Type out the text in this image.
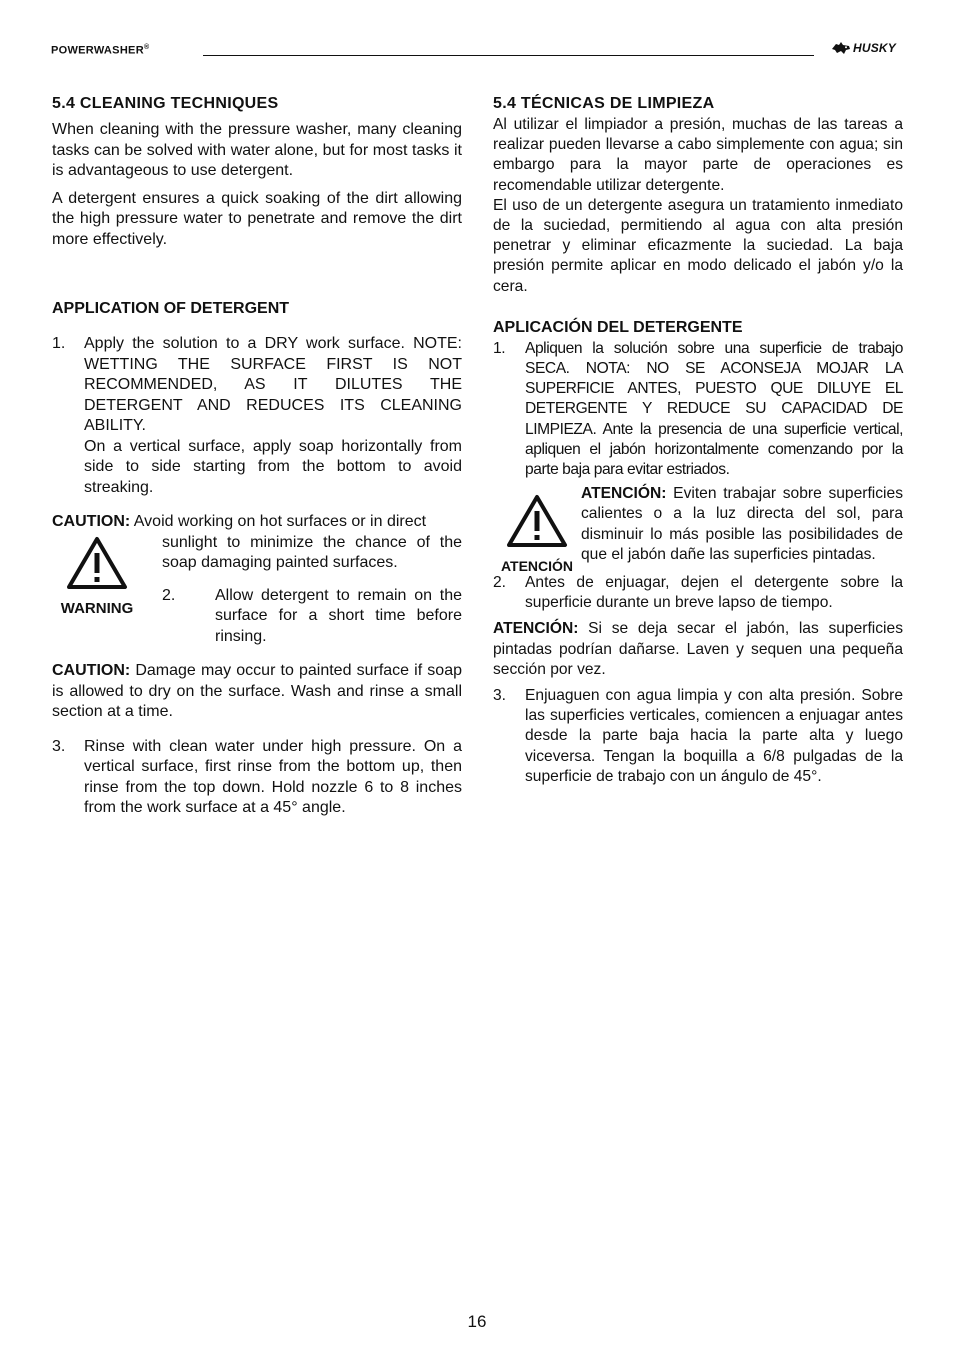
POWERWASHER®	HUSKY
5.4 CLEANING TECHNIQUES

When cleaning with the pressure washer, many cleaning tasks can be solved with water alone, but for most tasks it is advantageous to use detergent.

A detergent ensures a quick soaking of the dirt allowing the high pressure water to penetrate and remove the dirt more effectively.

APPLICATION OF DETERGENT
1.	Apply the solution to a DRY work surface. NOTE: WETTING THE SURFACE FIRST IS NOT RECOMMENDED, AS IT DILUTES THE DETERGENT AND REDUCES ITS CLEANING ABILITY.

On a vertical surface, apply soap horizontally from side to side starting from the bottom to avoid streaking.

CAUTION: Avoid working on hot surfaces or in direct

WARNING

sunlight to minimize the chance of the soap damaging painted surfaces.

2.	Allow detergent to remain on the surface for a short time before rinsing.

CAUTION: Damage may occur to painted surface if soap is allowed to dry on the surface. Wash and rinse a small section at a time.

3.	Rinse with clean water under high pressure. On a vertical surface, first rinse from the bottom up, then rinse from the top down. Hold nozzle 6 to 8 inches from the work surface at a 45° angle.
5.4 TÉCNICAS DE LIMPIEZA

Al utilizar el limpiador a presión, muchas de las tareas a realizar pueden llevarse a cabo simplemente con agua; sin embargo para la mayor parte de operaciones es recomendable utilizar detergente.

El uso de un detergente asegura un tratamiento inmediato de la suciedad, permitiendo al agua con alta presión penetrar y eliminar eficazmente la suciedad. La baja presión permite aplicar en modo delicado el jabón y/o la cera.

APLICACIÓN DEL DETERGENTE
1.	Apliquen la solución sobre una superficie de trabajo SECA. NOTA: NO SE ACONSEJA MOJAR LA SUPERFICIE ANTES, PUESTO QUE DILUYE EL DETERGENTE Y REDUCE SU CAPACIDAD DE LIMPIEZA. Ante la presencia de una superficie vertical, apliquen el jabón horizontalmente comenzando por la parte baja para evitar estriados.
ATENCIÓN

ATENCIÓN: Eviten trabajar sobre superficies calientes o a la luz directa del sol, para disminuir lo más posible las posibilidades de que el jabón dañe las superficies pintadas.

2.	Antes de enjuagar, dejen el detergente sobre la superficie durante un breve lapso de tiempo.

ATENCIÓN: Si se deja secar el jabón, las superficies pintadas podrían dañarse. Laven y sequen una pequeña sección por vez.

3.	Enjuaguen con agua limpia y con alta presión. Sobre las superficies verticales, comiencen a enjuagar antes desde la parte baja hacia la parte alta y luego viceversa. Tengan la boquilla a 6/8 pulgadas de la superficie de trabajo con un ángulo de 45°.
16
